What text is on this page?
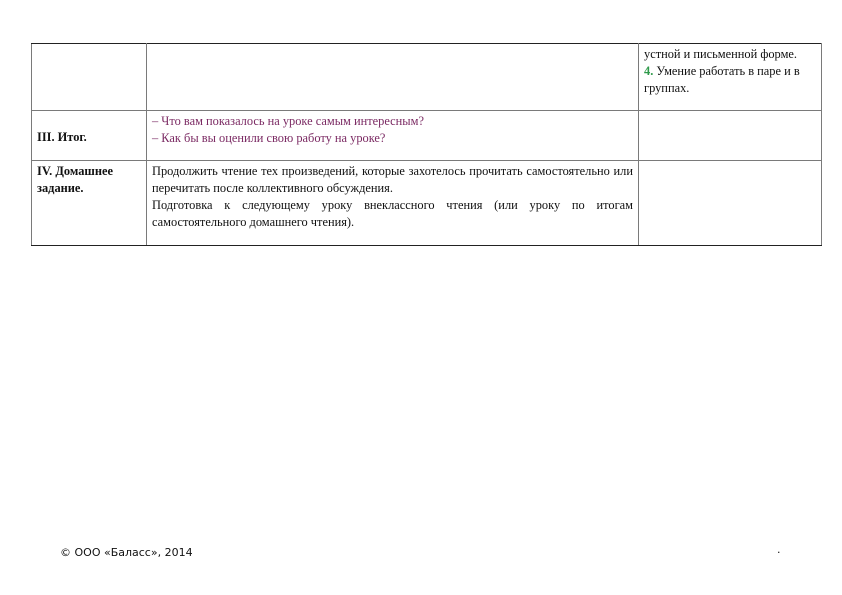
		устной и письменной форме.
4. Умение работать в паре и в группах.

III. Итог.	– Что вам показалось на уроке самым интересным?
– Как бы вы оценили свою работу на уроке?	

IV. Домашнее задание.	Продолжить чтение тех произведений, которые захотелось прочитать самостоятельно или перечитать после коллективного обсуждения.
Подготовка к следующему уроку внеклассного чтения (или уроку по итогам самостоятельного домашнего чтения).	

© ООО «Баласс», 2014	.
